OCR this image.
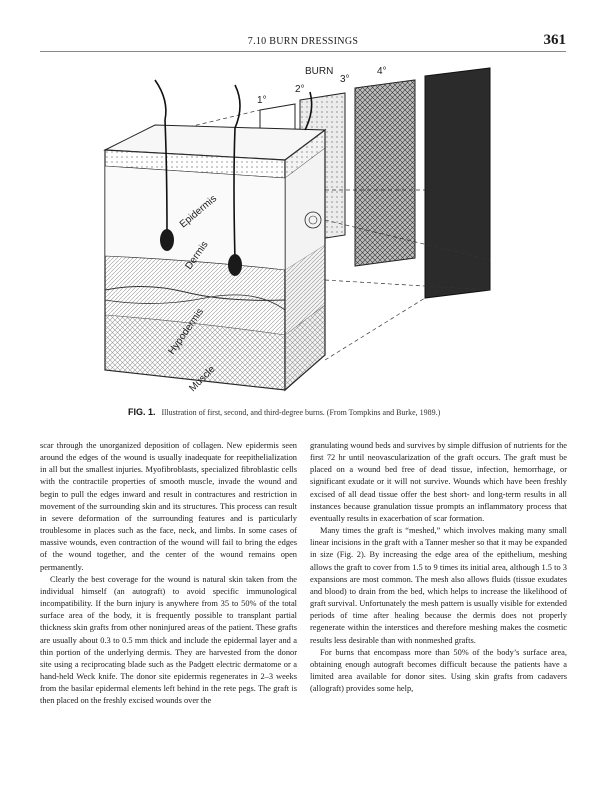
7.10 BURN DRESSINGS	361
BURN
1°
2°
3°
4°
Epidermis
Dermis
Hypodermis
Muscle
FIG. 1. Illustration of first, second, and third-degree burns. (From Tompkins and Burke, 1989.)

scar through the unorganized deposition of collagen. New epidermis seen around the edges of the wound is usually inadequate for reepithelialization in all but the smallest injuries. Myofibroblasts, specialized fibroblastic cells with the contractile properties of smooth muscle, invade the wound and begin to pull the edges inward and result in contractures and restriction in movement of the surrounding skin and its structures. This process can result in severe deformation of the surrounding features and is particularly troublesome in places such as the face, neck, and limbs. In some cases of massive wounds, even contraction of the wound will fail to bring the edges of the wound together, and the center of the wound remains open permanently.

Clearly the best coverage for the wound is natural skin taken from the individual himself (an autograft) to avoid specific immunological incompatibility. If the burn injury is anywhere from 35 to 50% of the total surface area of the body, it is frequently possible to transplant partial thickness skin grafts from other noninjured areas of the patient. These grafts are usually about 0.3 to 0.5 mm thick and include the epidermal layer and a thin portion of the underlying dermis. They are harvested from the donor site using a reciprocating blade such as the Padgett electric dermatome or a hand-held Weck knife. The donor site epidermis regenerates in 2–3 weeks from the basilar epidermal elements left behind in the rete pegs. The graft is then placed on the freshly excised wounds over the

granulating wound beds and survives by simple diffusion of nutrients for the first 72 hr until neovascularization of the graft occurs. The graft must be placed on a wound bed free of dead tissue, infection, hemorrhage, or significant exudate or it will not survive. Wounds which have been freshly excised of all dead tissue offer the best short- and long-term results in all instances because granulation tissue prompts an inflammatory process that eventually results in exacerbation of scar formation.

Many times the graft is “meshed,” which involves making many small linear incisions in the graft with a Tanner mesher so that it may be expanded in size (Fig. 2). By increasing the edge area of the epithelium, meshing allows the graft to cover from 1.5 to 9 times its initial area, although 1.5 to 3 expansions are most common. The mesh also allows fluids (tissue exudates and blood) to drain from the bed, which helps to increase the likelihood of graft survival. Unfortunately the mesh pattern is usually visible for extended periods of time after healing because the dermis does not properly regenerate within the interstices and therefore meshing makes the cosmetic results less desirable than with nonmeshed grafts.

For burns that encompass more than 50% of the body’s surface area, obtaining enough autograft becomes difficult because the patients have a limited area available for donor sites. Using skin grafts from cadavers (allograft) provides some help,
